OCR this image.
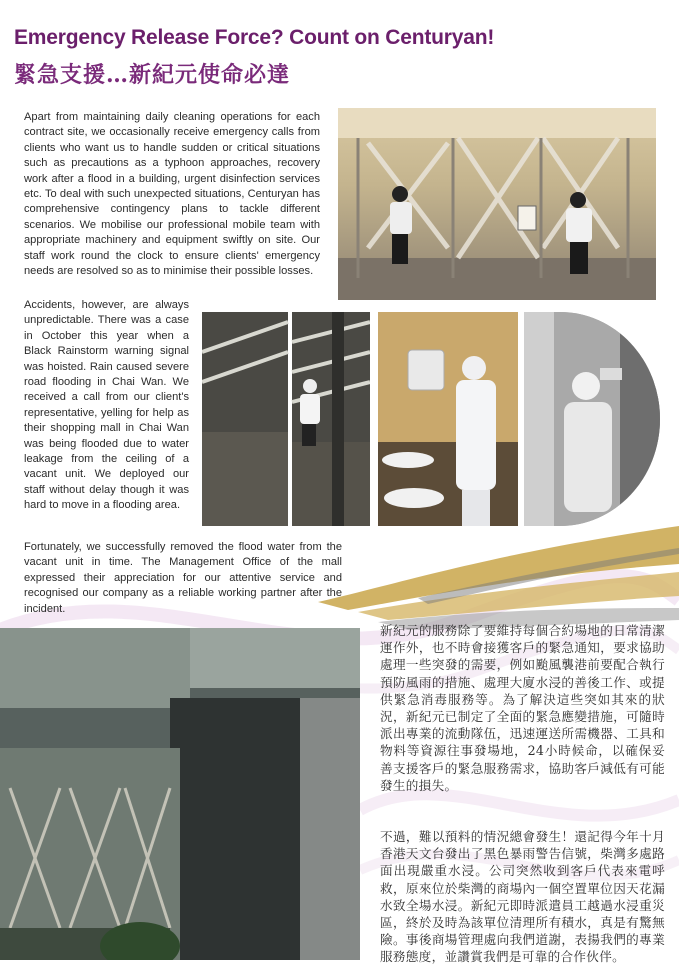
Emergency Release Force? Count on Centuryan!
緊急支援…新紀元使命必達
Apart from maintaining daily cleaning operations for each contract site, we occasionally receive emergency calls from clients who want us to handle sudden or critical situations such as precautions as a typhoon approaches, recovery work after a flood in a building, urgent disinfection services etc. To deal with such unexpected situations, Centuryan has comprehensive contingency plans to tackle different scenarios. We mobilise our professional mobile team with appropriate machinery and equipment swiftly on site. Our staff work round the clock to ensure clients' emergency needs are resolved so as to minimise their possible losses.
Accidents, however, are always unpredictable. There was a case in October this year when a Black Rainstorm warning signal was hoisted. Rain caused severe road flooding in Chai Wan. We received a call from our client's representative, yelling for help as their shopping mall in Chai Wan was being flooded due to water leakage from the ceiling of a vacant unit. We deployed our staff without delay though it was hard to move in a flooding area.
Fortunately, we successfully removed the flood water from the vacant unit in time. The Management Office of the mall expressed their appreciation for our attentive service and recognised our company as a reliable working partner after the incident.
新紀元的服務除了要維持每個合約場地的日常清潔運作外，也不時會接獲客戶的緊急通知，要求協助處理一些突發的需要，例如颱風襲港前要配合執行預防風雨的措施、處理大廈水浸的善後工作、或提供緊急消毒服務等。為了解決這些突如其來的狀況，新紀元已制定了全面的緊急應變措施，可隨時派出專業的流動隊伍，迅速運送所需機器、工具和物料等資源往事發場地，24小時候命，以確保妥善支援客戶的緊急服務需求，協助客戶減低有可能發生的損失。
不過，難以預料的情況總會發生！還記得今年十月香港天文台發出了黑色暴雨警告信號，柴灣多處路面出現嚴重水浸。公司突然收到客戶代表來電呼救，原來位於柴灣的商場內一個空置單位因天花漏水致全場水浸。新紀元即時派遣員工越過水浸重災區，終於及時為該單位清理所有積水，真是有驚無險。事後商場管理處向我們道謝，表揚我們的專業服務態度，並讚賞我們是可靠的合作伙伴。
